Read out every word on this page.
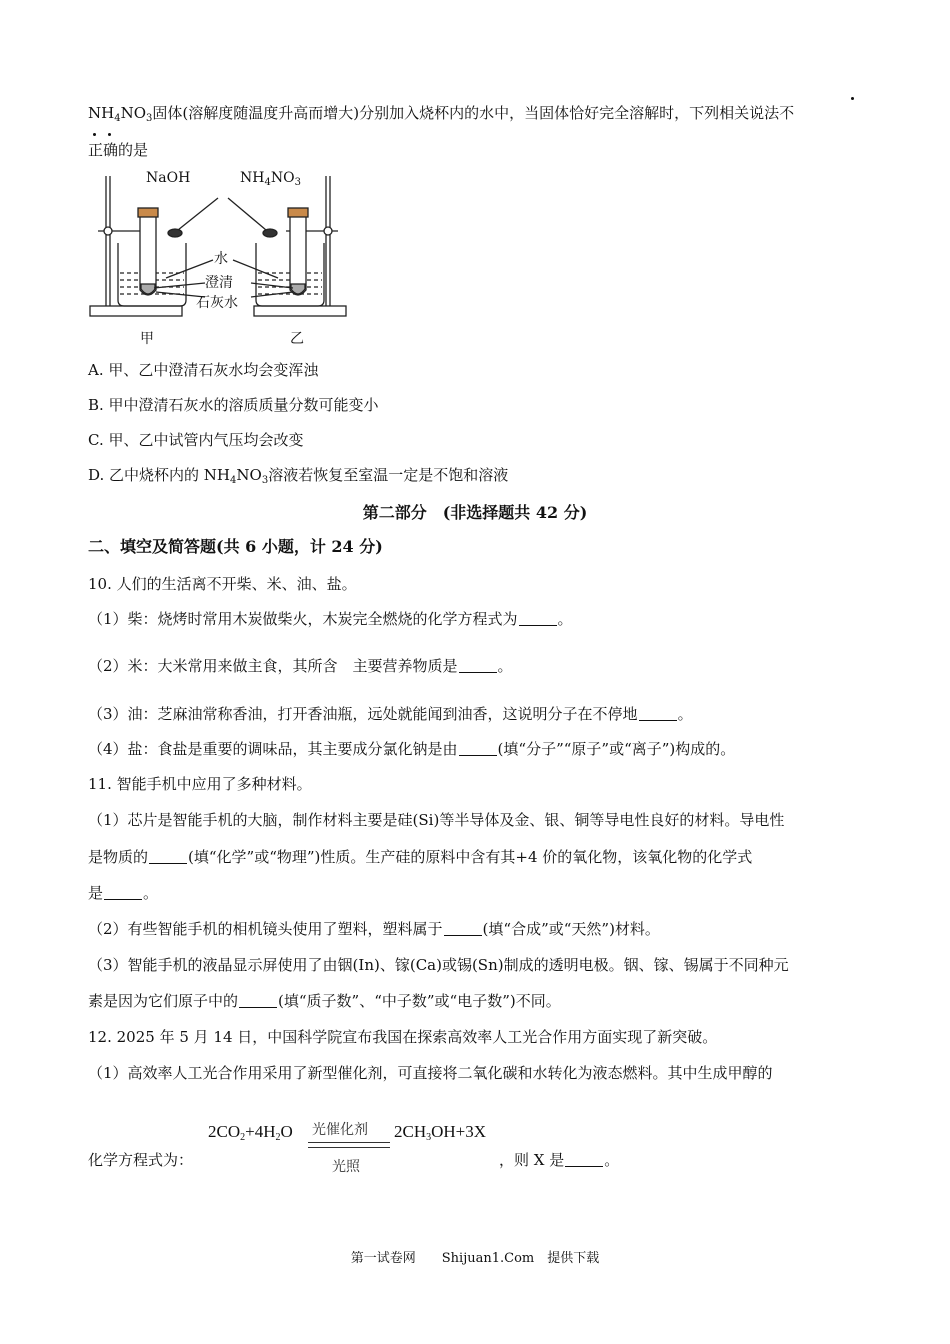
$NH_4NO_3$固体(溶解度随温度升高而增大)分别加入烧杯内的水中，当固体恰好完全溶解时，下列相关说法不
正确的是
NaOH	$NH_4NO_3$
水
澄清
石灰水
甲	乙
A. 甲、乙中澄清石灰水均会变浑浊
B. 甲中澄清石灰水的溶质质量分数可能变小
C. 甲、乙中试管内气压均会改变
D. 乙中烧杯内的 $NH_4NO_3$溶液若恢复至室温一定是不饱和溶液
第二部分　(非选择题共 42 分)
二、填空及简答题(共 6 小题，计 24 分)
10. 人们的生活离不开柴、米、油、盐。
（1）柴：烧烤时常用木炭做柴火，木炭完全燃烧的化学方程式为	。
（2）米：大米常用来做主食，其所含　主要营养物质是	。
（3）油：芝麻油常称香油，打开香油瓶，远处就能闻到油香，这说明分子在不停地	。
（4）盐：食盐是重要的调味品，其主要成分氯化钠是由	(填“分子”“原子”或“离子”)构成的。
11. 智能手机中应用了多种材料。
（1）芯片是智能手机的大脑，制作材料主要是硅(Si)等半导体及金、银、铜等导电性良好的材料。导电性
是物质的	(填“化学”或“物理”)性质。生产硅的原料中含有其+4 价的氧化物，该氧化物的化学式
是	。
（2）有些智能手机的相机镜头使用了塑料，塑料属于	(填“合成”或“天然”)材料。
（3）智能手机的液晶显示屏使用了由铟(In)、镓(Ca)或锡(Sn)制成的透明电极。铟、镓、锡属于不同种元
素是因为它们原子中的	(填“质子数”、“中子数”或“电子数”)不同。
12. 2025 年 5 月 14 日，中国科学院宣布我国在探索高效率人工光合作用方面实现了新突破。
（1）高效率人工光合作用采用了新型催化剂，可直接将二氧化碳和水转化为液态燃料。其中生成甲醇的
化学方程式为：
$2CO_2+4H_2O$ 光催化剂
光照
$2CH_3OH+3X$
，则 X 是	。
第一试卷网　　Shijuan1.Com　提供下载
